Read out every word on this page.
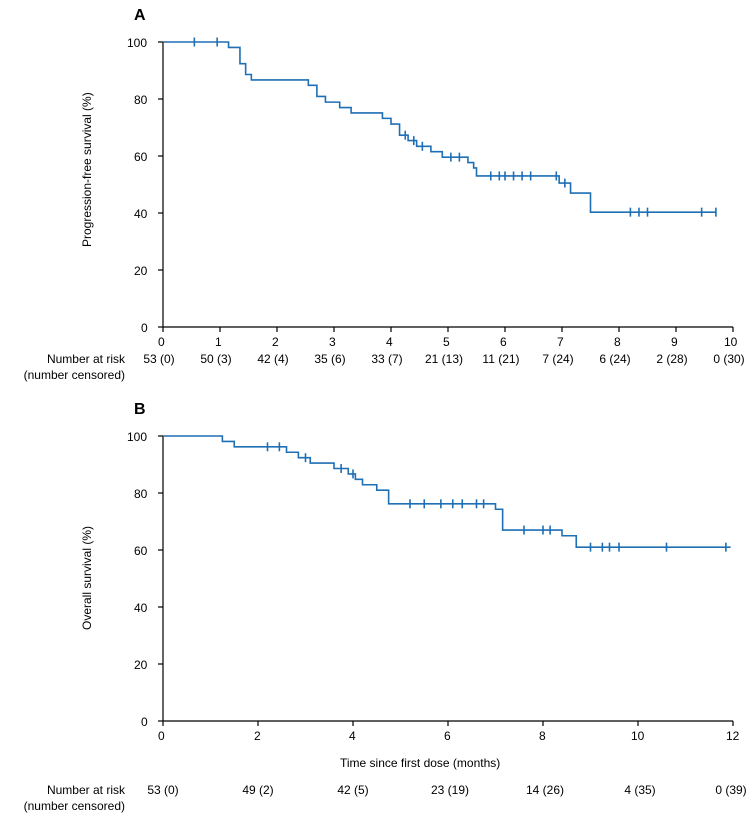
A
Progression-free survival (%)
100
80
60
40
20
0
0	1	2	3	4	5	6	7	8	9	10
Number at risk
(number censored)
53 (0)	50 (3)	42 (4)	35 (6)	33 (7)	21 (13)	11 (21)	7 (24)	6 (24)	2 (28)	0 (30)
B
Overall survival (%)
Time since first dose (months)
100
80
60
40
20
0
0	2	4	6	8	10	12
Number at risk
(number censored)
53 (0)	49 (2)	42 (5)	23 (19)	14 (26)	4 (35)	0 (39)
